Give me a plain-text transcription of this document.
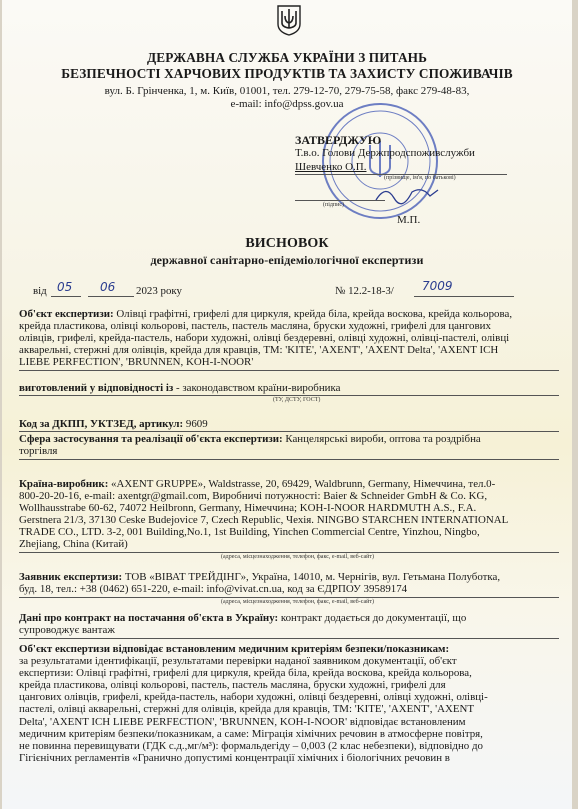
ДЕРЖАВНА СЛУЖБА УКРАЇНИ З ПИТАНЬ
БЕЗПЕЧНОСТІ ХАРЧОВИХ ПРОДУКТІВ ТА ЗАХИСТУ СПОЖИВАЧІВ
вул. Б. Грінченка, 1, м. Київ, 01001, тел. 279-12-70, 279-75-58, факс 279-48-83,
e-mail: info@dpss.gov.ua
ЗАТВЕРДЖУЮ
Т.в.о. Голови Держпродспоживслужби
Шевченко О.П.
(прізвище, ім'я, по батькові)
(підпис)
М.П.
ВИСНОВОК
державної санітарно-епідеміологічної експертизи
від 05 06 2023 року	№ 12.2-18-3/ 7009
Об'єкт експертизи: Олівці графітні, грифелі для циркуля, крейда біла, крейда воскова, крейда кольорова,
крейда пластикова, олівці кольорові, пастель, пастель масляна, бруски художні, грифелі для цангових
олівців, грифелі, крейда-пастель, набори художні, олівці бездеревні, олівці художні, олівці-пастелі, олівці
акварельні, стержні для олівців, крейда для кравців, ТМ: 'KITE', 'AXENT', 'AXENT Delta', 'AXENT ICH
LIEBE PERFECTION', 'BRUNNEN, KOH-I-NOOR'
виготовлений у відповідності із - законодавством країни-виробника
(ТУ, ДСТУ, ГОСТ)
Код за ДКПП, УКТЗЕД, артикул: 9609
Сфера застосування та реалізації об'єкта експертизи: Канцелярські вироби, оптова та роздрібна
торгівля
Країна-виробник: «AXENT GRUPPE», Waldstrasse, 20, 69429, Waldbrunn, Germany, Німеччина, тел.0-
800-20-20-16, e-mail: axentgr@gmail.com, Виробничі потужності: Baier & Schneider GmbH & Co. KG,
Wollhausstrabe 60-62, 74072 Heilbronn, Germany, Німеччина; KOH-I-NOOR HARDMUTH A.S., F.A.
Gerstnera 21/3, 37130 Ceske Budejovice 7, Czech Republic, Чехія. NINGBO STARCHEN INTERNATIONAL
TRADE CO., LTD. 3-2, 001 Building,No.1, 1st Building, Yinchen Commercial Centre, Yinzhou, Ningbo,
Zhejiang, China (Китай)
(адреса, місцезнаходження, телефон, факс, e-mail, веб-сайт)
Заявник експертизи: ТОВ «ВІВАТ ТРЕЙДІНГ», Україна, 14010, м. Чернігів, вул. Гетьмана Полуботка,
буд. 18, тел.: +38 (0462) 651-220, e-mail: info@vivat.cn.ua, код за ЄДРПОУ 39589174
(адреса, місцезнаходження, телефон, факс, e-mail, веб-сайт)
Дані про контракт на постачання об'єкта в Україну: контракт додається до документації, що
супроводжує вантаж
Об'єкт експертизи відповідає встановленим медичним критеріям безпеки/показникам:
за результатами ідентифікації, результатами перевірки наданої заявником документації, об'єкт
експертизи: Олівці графітні, грифелі для циркуля, крейда біла, крейда воскова, крейда кольорова,
крейда пластикова, олівці кольорові, пастель, пастель масляна, бруски художні, грифелі для
цангових олівців, грифелі, крейда-пастель, набори художні, олівці бездеревні, олівці художні, олівці-
пастелі, олівці акварельні, стержні для олівців, крейда для кравців, ТМ: 'KITE', 'AXENT', 'AXENT
Delta', 'AXENT ICH LIEBE PERFECTION', 'BRUNNEN, KOH-I-NOOR' відповідає встановленим
медичним критеріям безпеки/показникам, а саме: Міграція хімічних речовин в атмосферне повітря,
не повинна перевищувати (ГДК с.д.,мг/м³): формальдегіду – 0,003 (2 клас небезпеки), відповідно до
Гігієнічних регламентів «Гранично допустимі концентрації хімічних і біологічних речовин в
